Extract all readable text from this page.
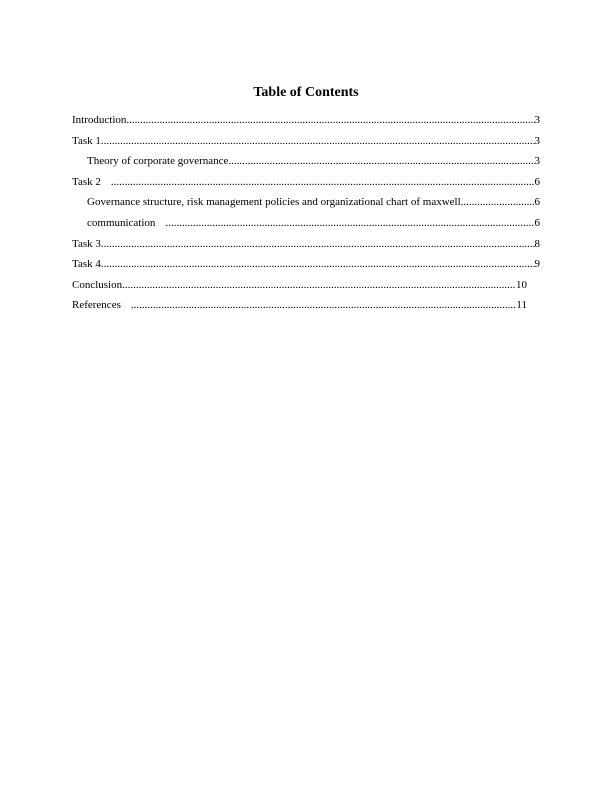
Table of Contents
Introduction .....	3
Task 1 .....	3
Theory of corporate governance .....	3
Task 2 .....	6
Governance structure, risk management policies and organizational chart of maxwell .....	6
communication .....	6
Task 3 .....	8
Task 4 .....	9
Conclusion .....	10
References .....	11
